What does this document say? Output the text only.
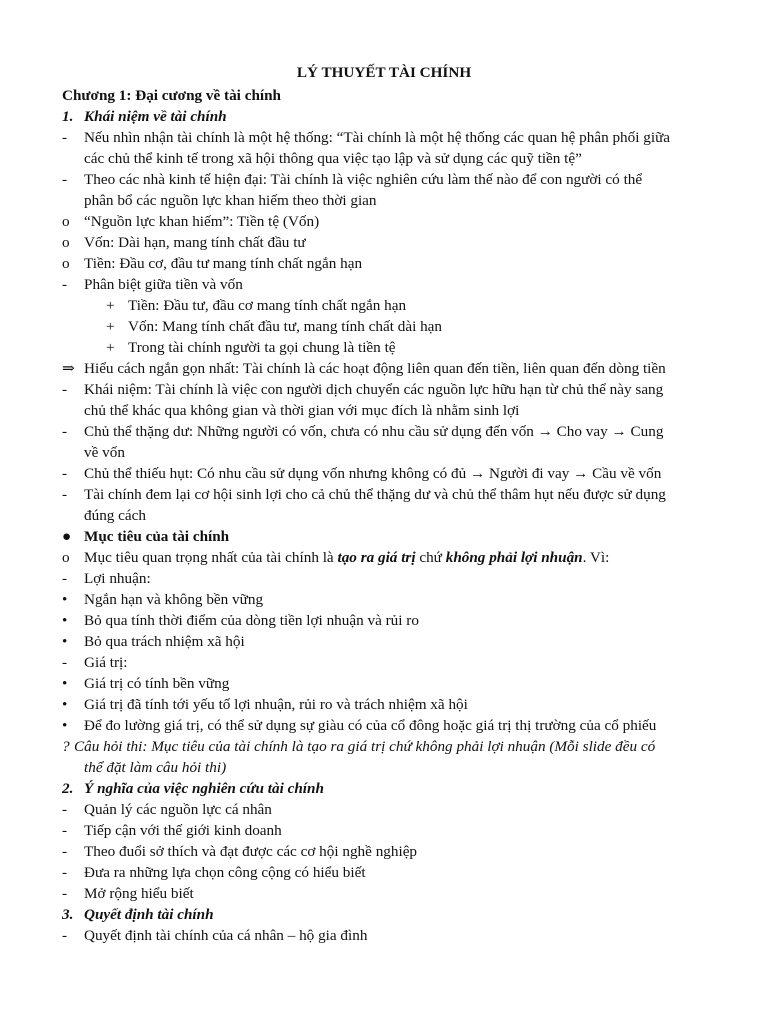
LÝ THUYẾT TÀI CHÍNH
Chương 1: Đại cương về tài chính
1. Khái niệm về tài chính
- Nếu nhìn nhận tài chính là một hệ thống: “Tài chính là một hệ thống các quan hệ phân phối giữa
các chủ thể kinh tế trong xã hội thông qua việc tạo lập và sử dụng các quỹ tiền tệ”
- Theo các nhà kinh tế hiện đại: Tài chính là việc nghiên cứu làm thế nào để con người có thể
phân bổ các nguồn lực khan hiếm theo thời gian
o “Nguồn lực khan hiếm”: Tiền tệ (Vốn)
o Vốn: Dài hạn, mang tính chất đầu tư
o Tiền: Đầu cơ, đầu tư mang tính chất ngắn hạn
- Phân biệt giữa tiền và vốn
+ Tiền: Đầu tư, đầu cơ mang tính chất ngắn hạn
+ Vốn: Mang tính chất đầu tư, mang tính chất dài hạn
+ Trong tài chính người ta gọi chung là tiền tệ
⇒ Hiểu cách ngắn gọn nhất: Tài chính là các hoạt động liên quan đến tiền, liên quan đến dòng tiền
- Khái niệm: Tài chính là việc con người dịch chuyển các nguồn lực hữu hạn từ chủ thể này sang
chủ thể khác qua không gian và thời gian với mục đích là nhằm sinh lợi
- Chủ thể thặng dư: Những người có vốn, chưa có nhu cầu sử dụng đến vốn → Cho vay → Cung
về vốn
- Chủ thể thiếu hụt: Có nhu cầu sử dụng vốn nhưng không có đủ → Người đi vay → Cầu về vốn
- Tài chính đem lại cơ hội sinh lợi cho cả chủ thể thặng dư và chủ thể thâm hụt nếu được sử dụng
đúng cách
● Mục tiêu của tài chính
o Mục tiêu quan trọng nhất của tài chính là tạo ra giá trị chứ không phải lợi nhuận. Vì:
- Lợi nhuận:
• Ngắn hạn và không bền vững
• Bỏ qua tính thời điểm của dòng tiền lợi nhuận và rủi ro
• Bỏ qua trách nhiệm xã hội
- Giá trị:
• Giá trị có tính bền vững
• Giá trị đã tính tới yếu tố lợi nhuận, rủi ro và trách nhiệm xã hội
• Để đo lường giá trị, có thể sử dụng sự giàu có của cổ đông hoặc giá trị thị trường của cổ phiếu
? Câu hỏi thi: Mục tiêu của tài chính là tạo ra giá trị chứ không phải lợi nhuận (Mỗi slide đều có
thể đặt làm câu hỏi thi)
2. Ý nghĩa của việc nghiên cứu tài chính
- Quản lý các nguồn lực cá nhân
- Tiếp cận với thế giới kinh doanh
- Theo đuổi sở thích và đạt được các cơ hội nghề nghiệp
- Đưa ra những lựa chọn công cộng có hiểu biết
- Mở rộng hiểu biết
3. Quyết định tài chính
- Quyết định tài chính của cá nhân – hộ gia đình
